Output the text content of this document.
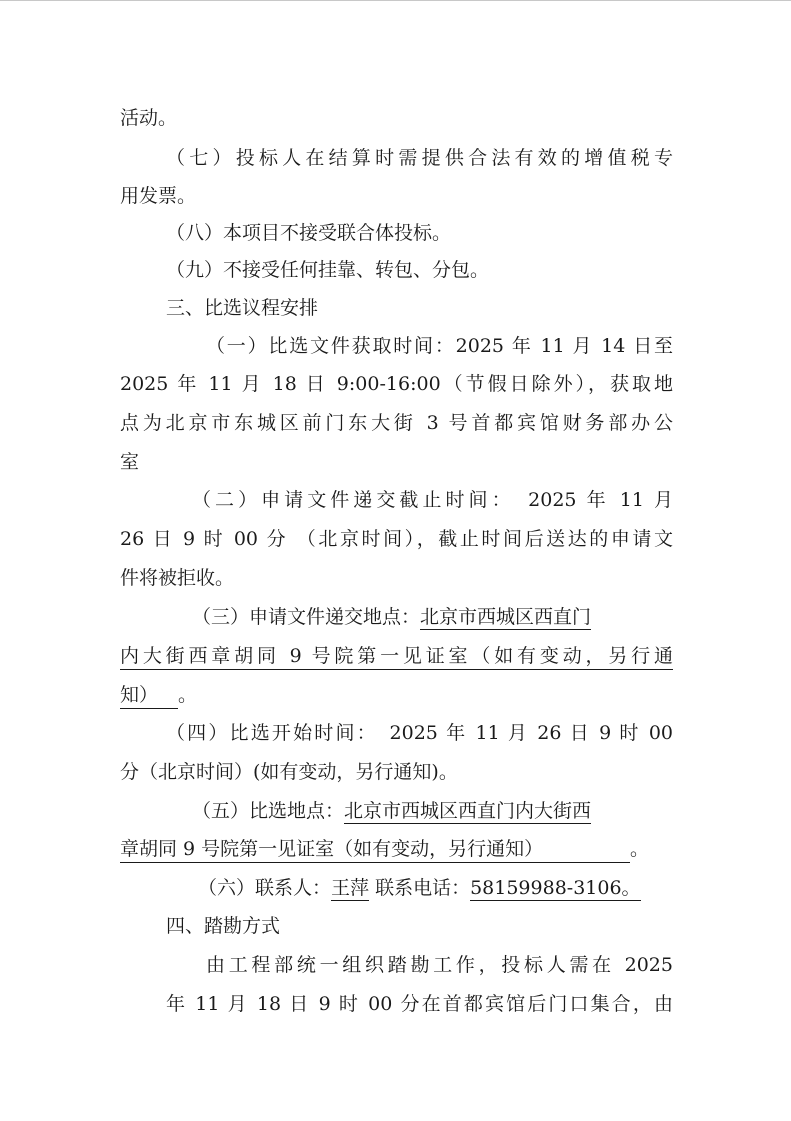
活动。
（七）投标人在结算时需提供合法有效的增值税专
用发票。
（八）本项目不接受联合体投标。
（九）不接受任何挂靠、转包、分包。
三、比选议程安排
（一）比选文件获取时间：2025 年 11 月 14 日至
2025 年 11 月 18 日 9:00-16:00（节假日除外），获取地
点为北京市东城区前门东大街 3 号首都宾馆财务部办公
室
（二）申请文件递交截止时间：　2025 年 11 月
26 日 9 时 00 分 （北京时间），截止时间后送达的申请文
件将被拒收。
（三）申请文件递交地点：北京市西城区西直门
内大街西章胡同 9 号院第一见证室（如有变动，另行通
知） 。
（四）比选开始时间：　2025 年 11 月 26 日 9 时 00
分（北京时间）(如有变动，另行通知)。
（五）比选地点：北京市西城区西直门内大街西
章胡同 9 号院第一见证室（如有变动，另行通知）	。
（六）联系人：王萍 联系电话：58159988-3106。
四、踏勘方式
由工程部统一组织踏勘工作，投标人需在 2025
年 11 月 18 日 9 时 00 分在首都宾馆后门口集合，由
